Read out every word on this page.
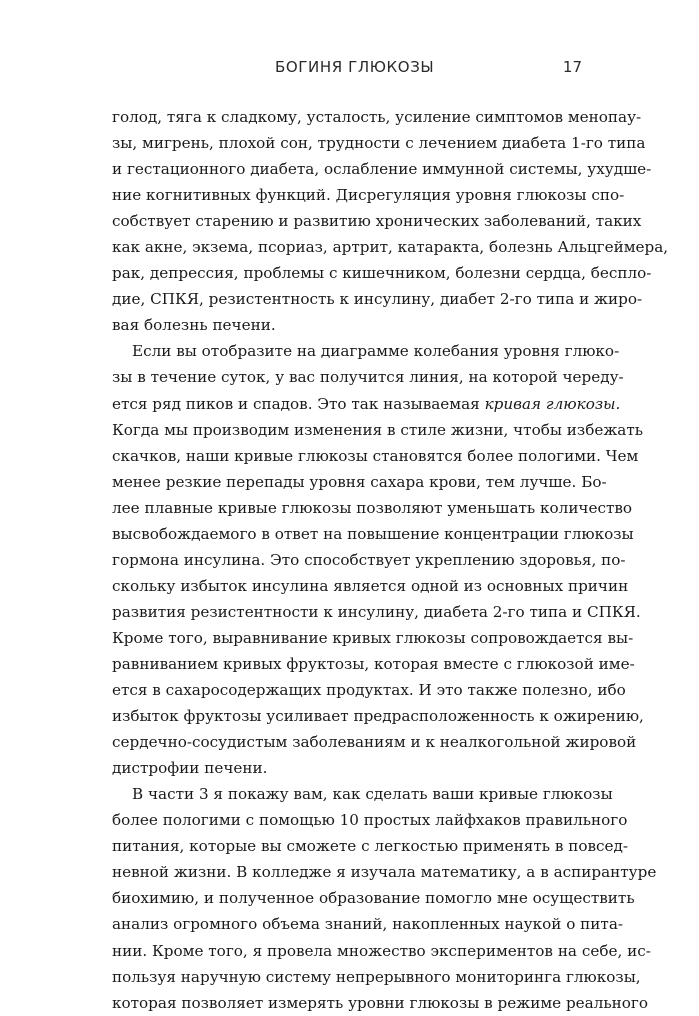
БОГИНЯ ГЛЮКОЗЫ	17
голод, тяга к сладкому, усталость, усиление симптомов менопау-
зы, мигрень, плохой сон, трудности с лечением диабета 1-го типа
и гестационного диабета, ослабление иммунной системы, ухудше-
ние когнитивных функций. Дисрегуляция уровня глюкозы спо-
собствует старению и развитию хронических заболеваний, таких
как акне, экзема, псориаз, артрит, катаракта, болезнь Альцгеймера,
рак, депрессия, проблемы с кишечником, болезни сердца, бесплo-
дие, СПКЯ, резистентность к инсулину, диабет 2-го типа и жиро-
вая болезнь печени.
Если вы отобразите на диаграмме колебания уровня глюко-
зы в течение суток, у вас получится линия, на которой череду-
ется ряд пиков и спадов. Это так называемая кривая глюкозы.
Когда мы производим изменения в стиле жизни, чтобы избежать
скачков, наши кривые глюкозы становятся более пологими. Чем
менее резкие перепады уровня сахара крови, тем лучше. Бо-
лее плавные кривые глюкозы позволяют уменьшать количество
высвобождаемого в ответ на повышение концентрации глюкозы
гормона инсулина. Это способствует укреплению здоровья, по-
скольку избыток инсулина является одной из основных причин
развития резистентности к инсулину, диабета 2-го типа и СПКЯ.
Кроме того, выравнивание кривых глюкозы сопровождается вы-
равниванием кривых фруктозы, которая вместе с глюкозой име-
ется в сахаросодержащих продуктах. И это также полезно, ибо
избыток фруктозы усиливает предрасположенность к ожирению,
сердечно-сосудистым заболеваниям и к неалкогольной жировой
дистрофии печени.
В части 3 я покажу вам, как сделать ваши кривые глюкозы
более пологими с помощью 10 простых лайфхаков правильного
питания, которые вы сможете с легкостью применять в повсед-
невной жизни. В колледже я изучала математику, а в аспирантуре
биохимию, и полученное образование помогло мне осуществить
анализ огромного объема знаний, накопленных наукой о пита-
нии. Кроме того, я провела множество экспериментов на себе, ис-
пользуя наручную систему непрерывного мониторинга глюкозы,
которая позволяет измерять уровни глюкозы в режиме реального
